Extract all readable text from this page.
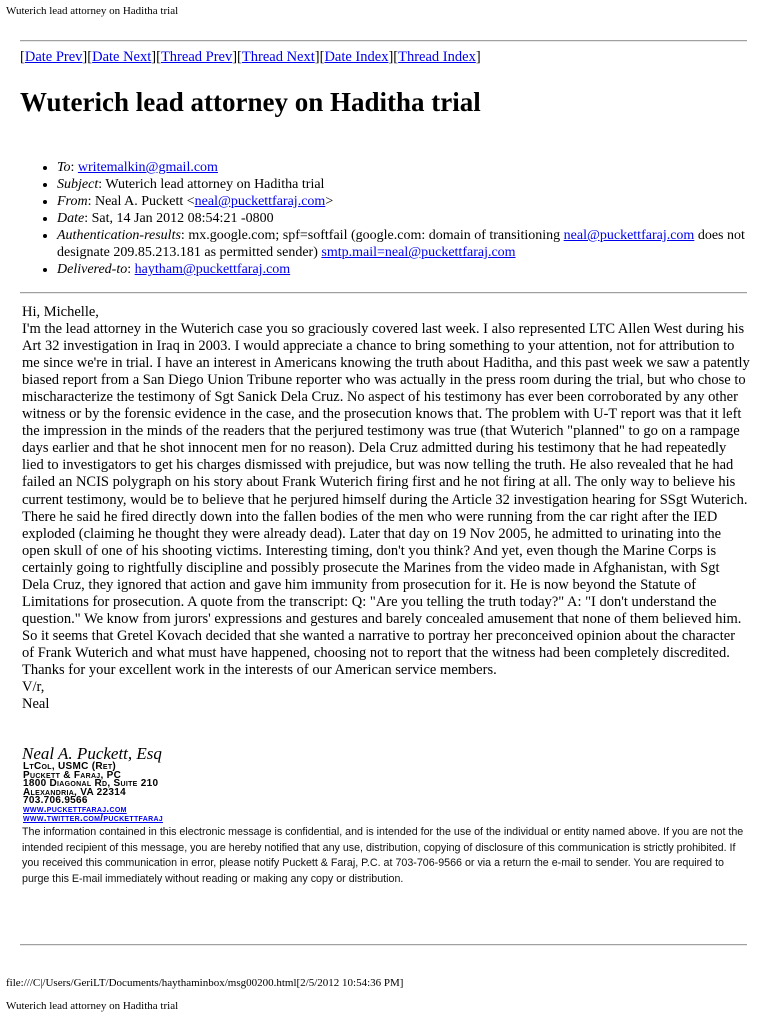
Wuterich lead attorney on Haditha trial
[Date Prev][Date Next][Thread Prev][Thread Next][Date Index][Thread Index]
Wuterich lead attorney on Haditha trial
• To: writemalkin@gmail.com
• Subject: Wuterich lead attorney on Haditha trial
• From: Neal A. Puckett <neal@puckettfaraj.com>
• Date: Sat, 14 Jan 2012 08:54:21 -0800
• Authentication-results: mx.google.com; spf=softfail (google.com: domain of transitioning neal@puckettfaraj.com does not designate 209.85.213.181 as permitted sender) smtp.mail=neal@puckettfaraj.com
• Delivered-to: haytham@puckettfaraj.com

Hi, Michelle,

I'm the lead attorney in the Wuterich case you so graciously covered last week. I also represented LTC Allen West during his Art 32 investigation in Iraq in 2003. I would appreciate a chance to bring something to your attention, not for attribution to me since we're in trial. I have an interest in Americans knowing the truth about Haditha, and this past week we saw a patently biased report from a San Diego Union Tribune reporter who was actually in the press room during the trial, but who chose to mischaracterize the testimony of Sgt Sanick Dela Cruz. No aspect of his testimony has ever been corroborated by any other witness or by the forensic evidence in the case, and the prosecution knows that. The problem with U-T report was that it left the impression in the minds of the readers that the perjured testimony was true (that Wuterich "planned" to go on a rampage days earlier and that he shot innocent men for no reason). Dela Cruz admitted during his testimony that he had repeatedly lied to investigators to get his charges dismissed with prejudice, but was now telling the truth. He also revealed that he had failed an NCIS polygraph on his story about Frank Wuterich firing first and he not firing at all. The only way to believe his current testimony, would be to believe that he perjured himself during the Article 32 investigation hearing for SSgt Wuterich. There he said he fired directly down into the fallen bodies of the men who were running from the car right after the IED exploded (claiming he thought they were already dead). Later that day on 19 Nov 2005, he admitted to urinating into the open skull of one of his shooting victims. Interesting timing, don't you think? And yet, even though the Marine Corps is certainly going to rightfully discipline and possibly prosecute the Marines from the video made in Afghanistan, with Sgt Dela Cruz, they ignored that action and gave him immunity from prosecution for it. He is now beyond the Statute of Limitations for prosecution. A quote from the transcript: Q: "Are you telling the truth today?" A: "I don't understand the question." We know from jurors' expressions and gestures and barely concealed amusement that none of them believed him. So it seems that Gretel Kovach decided that she wanted a narrative to portray her preconceived opinion about the character of Frank Wuterich and what must have happened, choosing not to report that the witness had been completely discredited.

Thanks for your excellent work in the interests of our American service members.

V/r,

Neal

Neal A. Puckett, Esq
LtCol, USMC (Ret)
Puckett & Faraj, PC
1800 Diagonal Rd, Suite 210
Alexandria, VA 22314
703.706.9566
www.puckettfaraj.com
www.twitter.com/puckettfaraj
The information contained in this electronic message is confidential, and is intended for the use of the individual or entity named above. If you are not the intended recipient of this message, you are hereby notified that any use, distribution, copying of disclosure of this communication is strictly prohibited. If you received this communication in error, please notify Puckett & Faraj, P.C. at 703-706-9566 or via a return the e-mail to sender. You are required to purge this E-mail immediately without reading or making any copy or distribution.
file:///C|/Users/GeriLT/Documents/haythaminbox/msg00200.html[2/5/2012 10:54:36 PM]
Wuterich lead attorney on Haditha trial
